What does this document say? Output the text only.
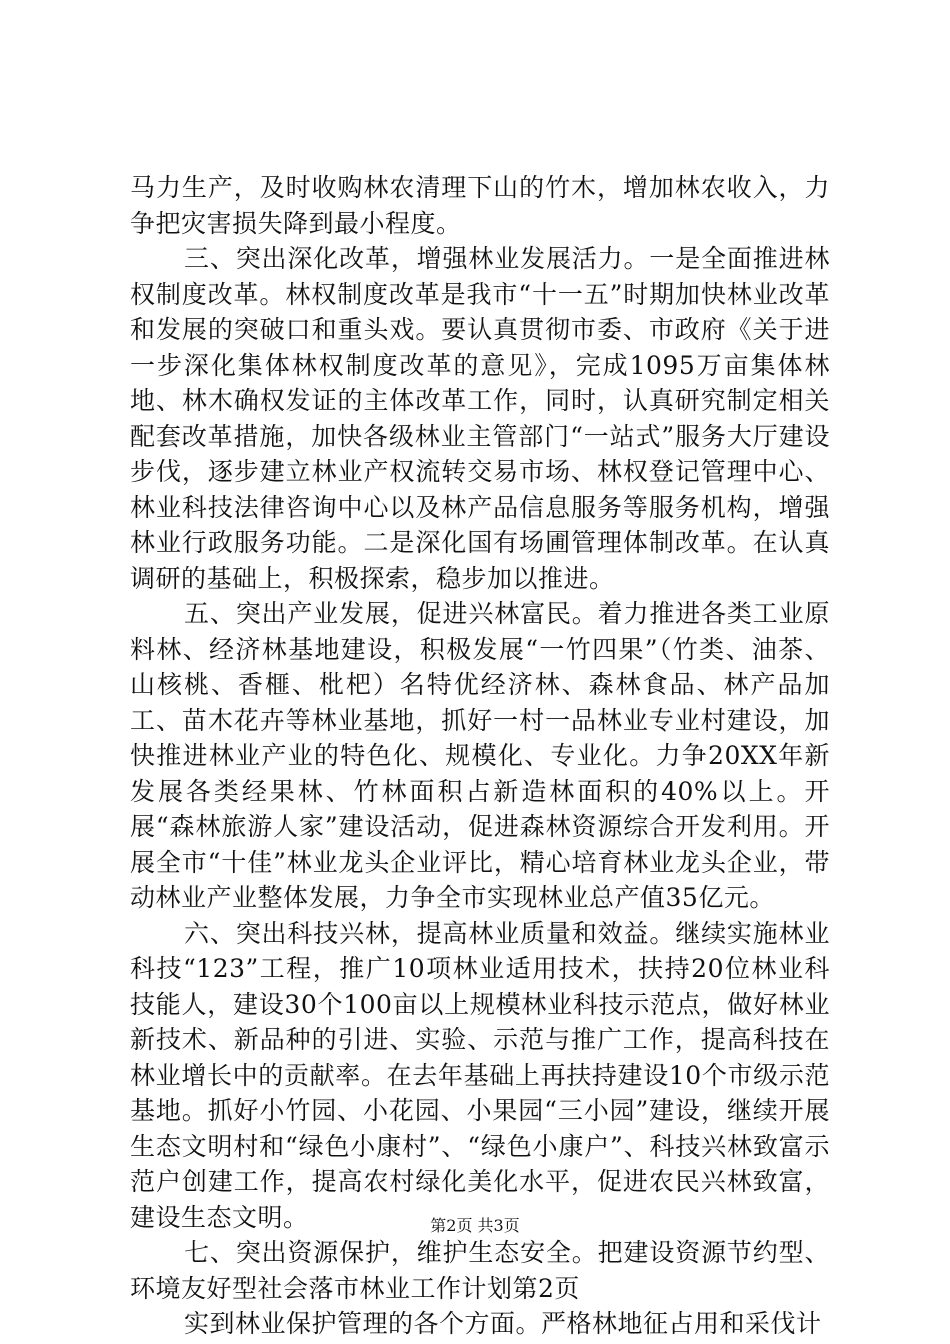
马力生产，及时收购林农清理下山的竹木，增加林农收入，力争把灾害损失降到最小程度。

三、突出深化改革，增强林业发展活力。一是全面推进林权制度改革。林权制度改革是我市“十一五”时期加快林业改革和发展的突破口和重头戏。要认真贯彻市委、市政府《关于进一步深化集体林权制度改革的意见》，完成1095万亩集体林地、林木确权发证的主体改革工作，同时，认真研究制定相关配套改革措施，加快各级林业主管部门“一站式”服务大厅建设步伐，逐步建立林业产权流转交易市场、林权登记管理中心、林业科技法律咨询中心以及林产品信息服务等服务机构，增强林业行政服务功能。二是深化国有场圃管理体制改革。在认真调研的基础上，积极探索，稳步加以推进。

五、突出产业发展，促进兴林富民。着力推进各类工业原料林、经济林基地建设，积极发展“一竹四果”（竹类、油茶、山核桃、香榧、枇杷）名特优经济林、森林食品、林产品加工、苗木花卉等林业基地，抓好一村一品林业专业村建设，加快推进林业产业的特色化、规模化、专业化。力争20XX年新发展各类经果林、竹林面积占新造林面积的40%以上。开展“森林旅游人家”建设活动，促进森林资源综合开发利用。开展全市“十佳”林业龙头企业评比，精心培育林业龙头企业，带动林业产业整体发展，力争全市实现林业总产值35亿元。

六、突出科技兴林，提高林业质量和效益。继续实施林业科技“123”工程，推广10项林业适用技术，扶持20位林业科技能人，建设30个100亩以上规模林业科技示范点，做好林业新技术、新品种的引进、实验、示范与推广工作，提高科技在林业增长中的贡献率。在去年基础上再扶持建设10个市级示范基地。抓好小竹园、小花园、小果园“三小园”建设，继续开展生态文明村和“绿色小康村”、“绿色小康户”、科技兴林致富示范户创建工作，提高农村绿化美化水平，促进农民兴林致富，建设生态文明。

七、突出资源保护，维护生态安全。把建设资源节约型、环境友好型社会落市林业工作计划第2页

实到林业保护管理的各个方面。严格林地征占用和采伐计

第2页 共3页
